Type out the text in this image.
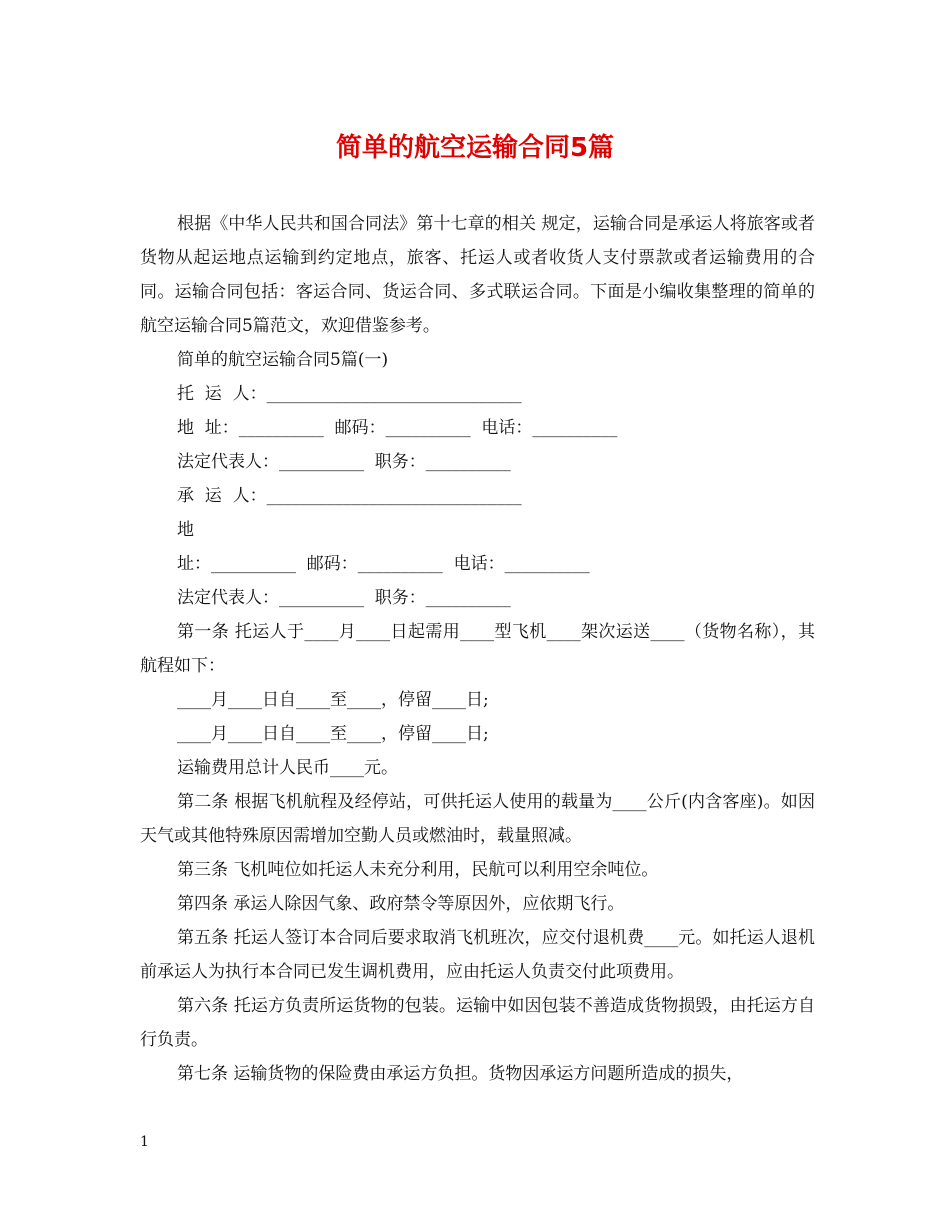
简单的航空运输合同5篇

根据《中华人民共和国合同法》第十七章的相关 规定，运输合同是承运人将旅客或者货物从起运地点运输到约定地点，旅客、托运人或者收货人支付票款或者运输费用的合同。运输合同包括：客运合同、货运合同、多式联运合同。下面是小编收集整理的简单的航空运输合同5篇范文，欢迎借鉴参考。

简单的航空运输合同5篇(一)

托  运  人：______________________________
地  址：__________  邮码：__________  电话：__________
法定代表人：__________  职务：__________
承  运  人：______________________________
地
址：__________  邮码：__________  电话：__________
法定代表人：__________  职务：__________

第一条 托运人于____月____日起需用____型飞机____架次运送____（货物名称），其航程如下：

____月____日自____至____，停留____日;

____月____日自____至____，停留____日;

运输费用总计人民币____元。

第二条 根据飞机航程及经停站，可供托运人使用的载量为____公斤(内含客座)。如因天气或其他特殊原因需增加空勤人员或燃油时，载量照减。

第三条 飞机吨位如托运人未充分利用，民航可以利用空余吨位。

第四条 承运人除因气象、政府禁令等原因外，应依期飞行。

第五条 托运人签订本合同后要求取消飞机班次，应交付退机费____元。如托运人退机前承运人为执行本合同已发生调机费用，应由托运人负责交付此项费用。

第六条 托运方负责所运货物的包装。运输中如因包装不善造成货物损毁，由托运方自行负责。

第七条 运输货物的保险费由承运方负担。货物因承运方问题所造成的损失，

1
